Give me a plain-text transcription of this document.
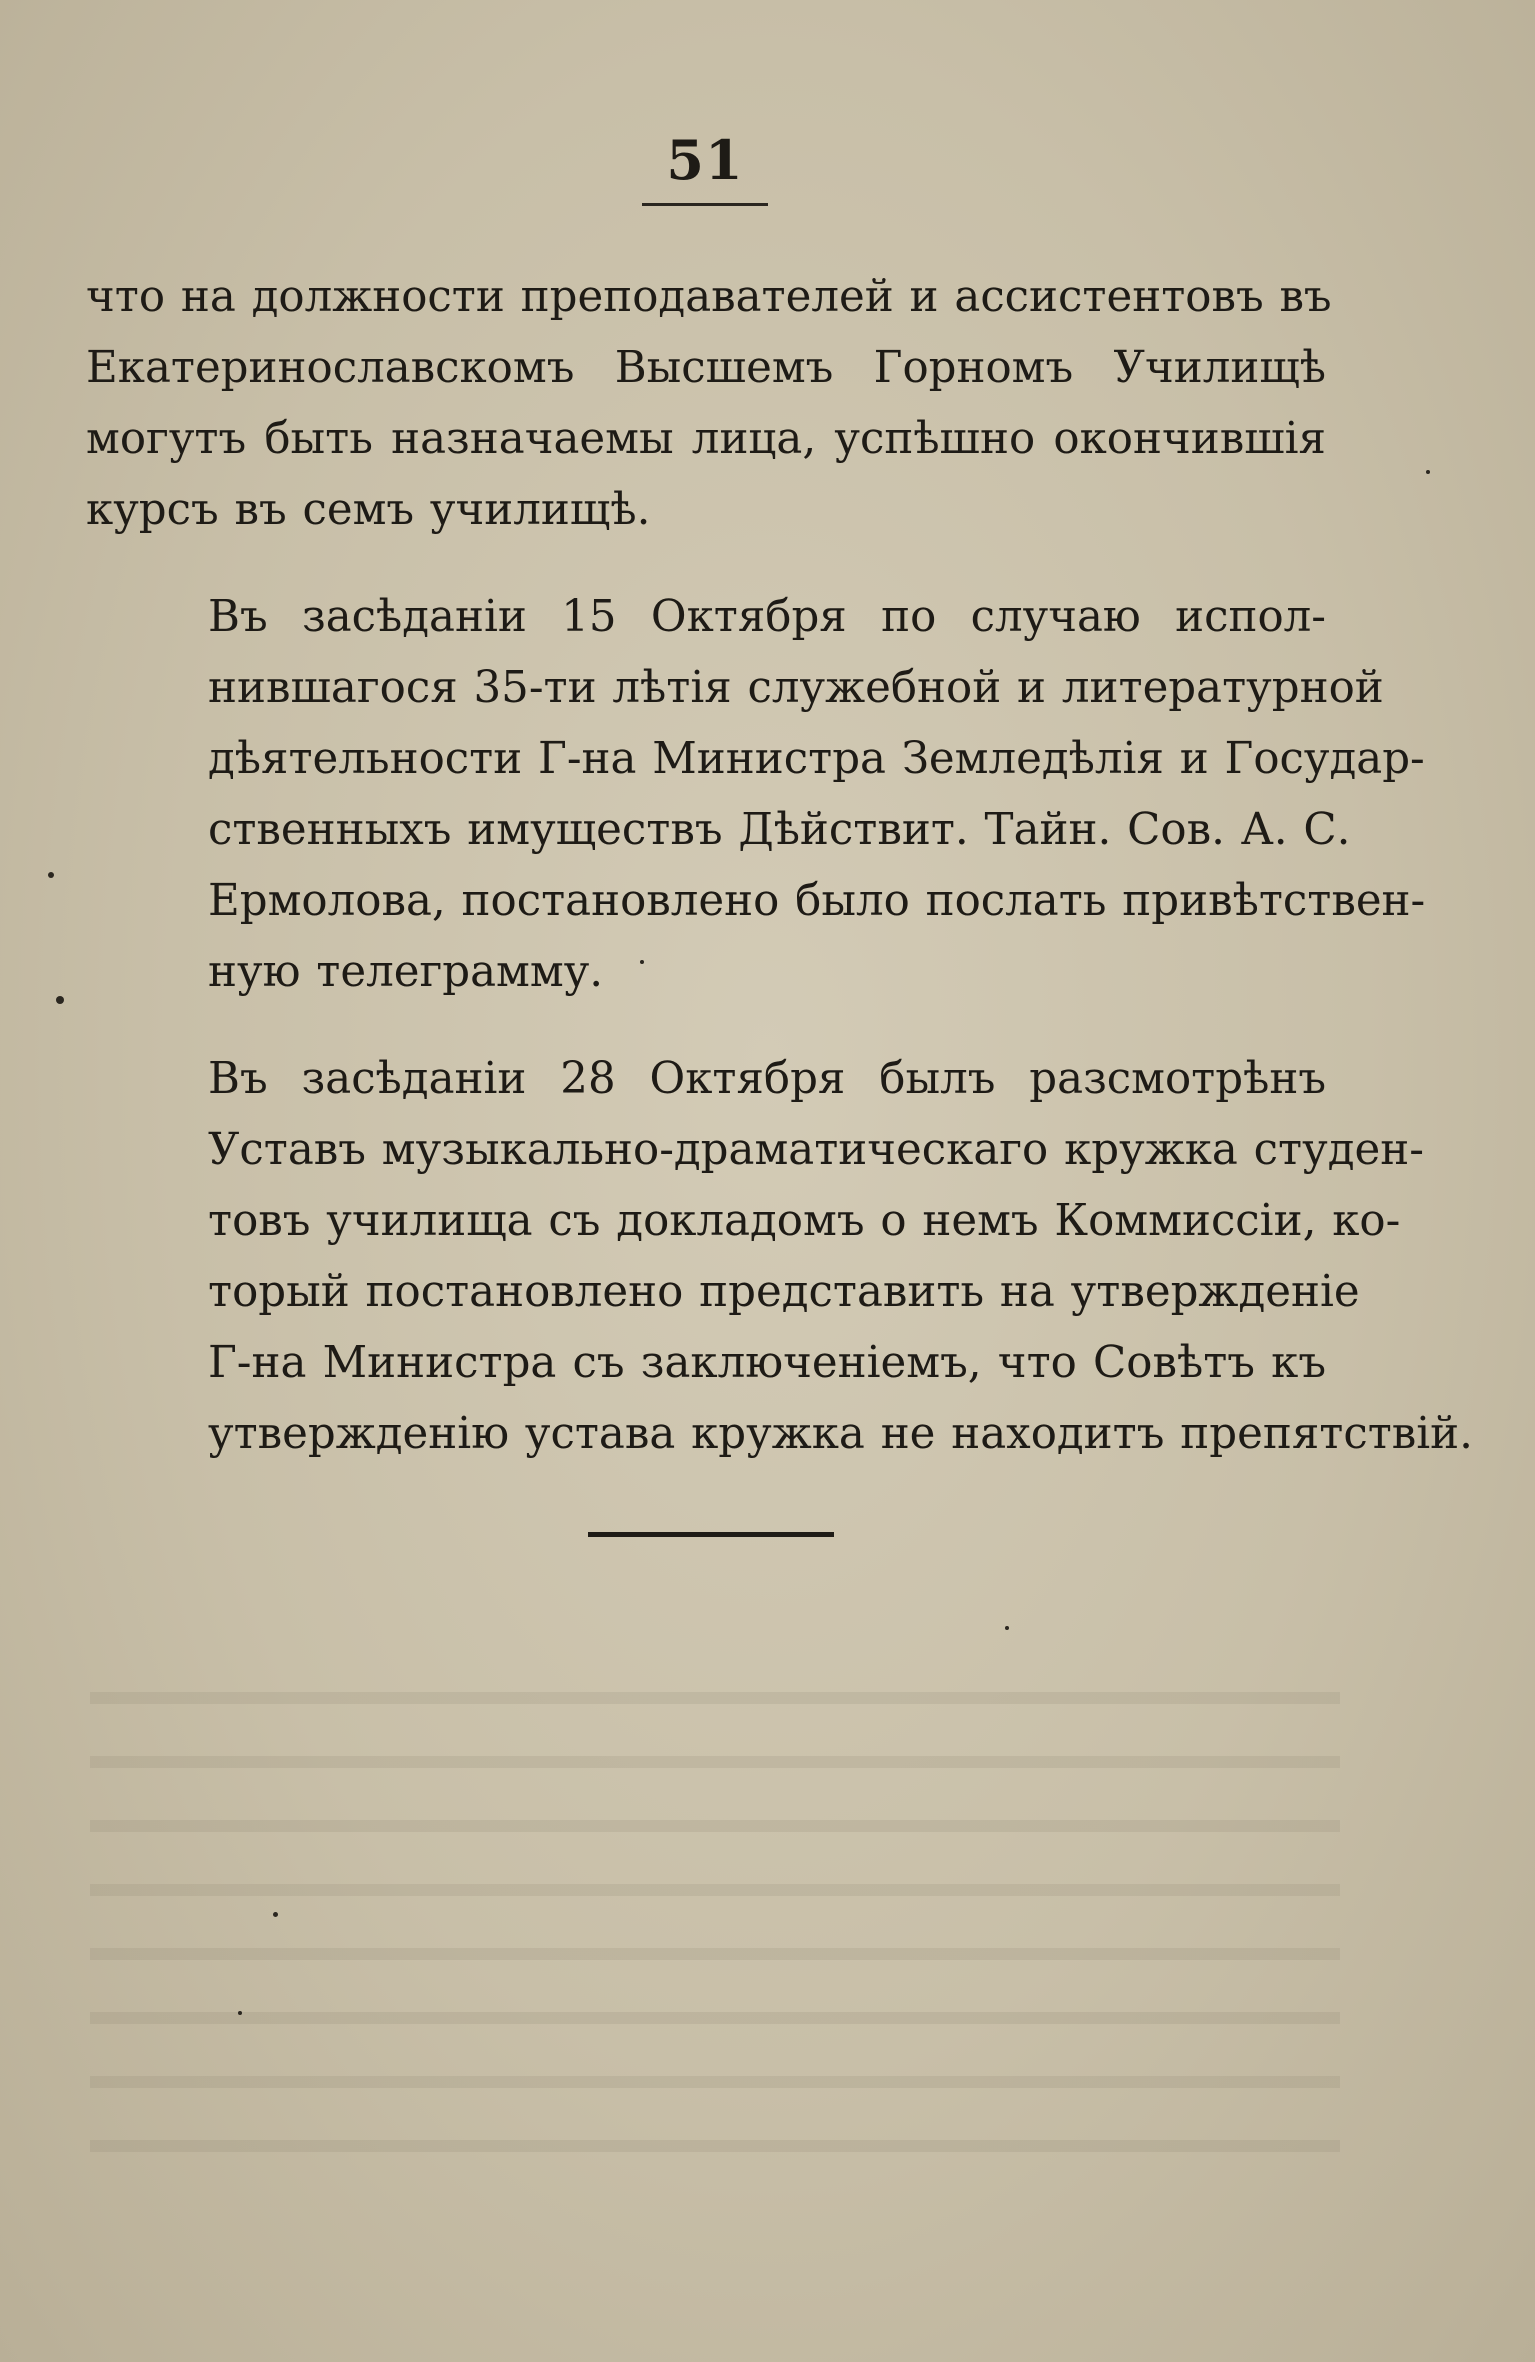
51

что на должности преподавателей и ассистентовъ въ
Екатеринославскомъ Высшемъ Горномъ Училищѣ
могутъ быть назначаемы лица, успѣшно окончившiя
курсъ въ семъ училищѣ.

Въ засѣданiи 15 Октября по случаю испол-
нившагося 35-ти лѣтiя служебной и литературной
дѣятельности Г-на Министра Земледѣлiя и Государ-
ственныхъ имуществъ Дѣйствит. Тайн. Сов. А. С.
Ермолова, постановлено было послать привѣтствен-
ную телеграмму.

Въ засѣданiи 28 Октября былъ разсмотрѣнъ
Уставъ музыкально-драматическаго кружка студен-
товъ училища съ докладомъ о немъ Коммиссiи, ко-
торый постановлено представить на утвержденiе
Г-на Министра съ заключенiемъ, что Совѣтъ къ
утвержденiю устава кружка не находитъ препятствiй.
